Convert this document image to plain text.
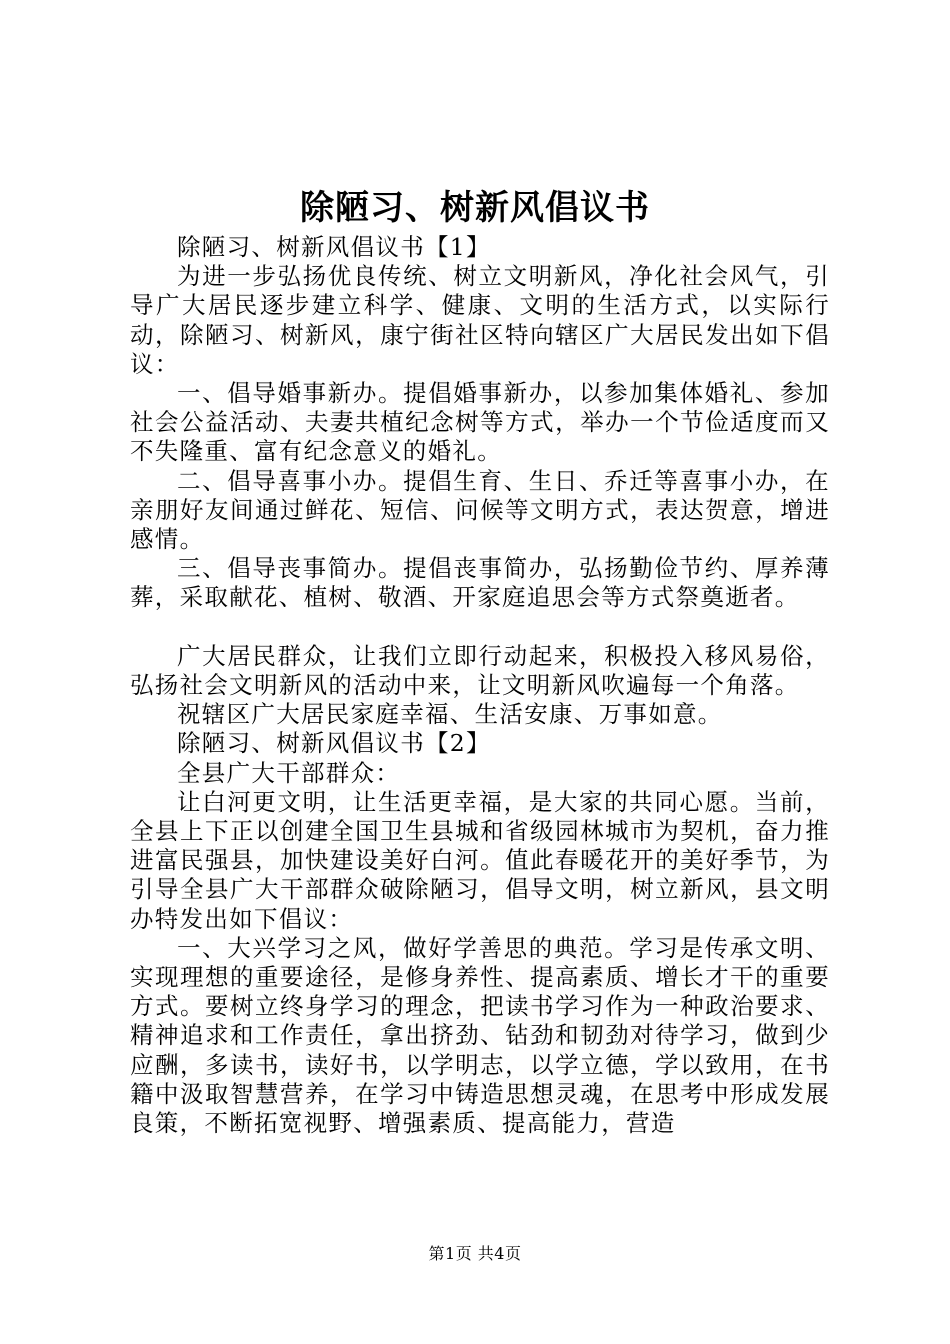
除陋习、树新风倡议书

除陋习、树新风倡议书【1】

为进一步弘扬优良传统、树立文明新风，净化社会风气，引导广大居民逐步建立科学、健康、文明的生活方式，以实际行动，除陋习、树新风，康宁街社区特向辖区广大居民发出如下倡议：

一、倡导婚事新办。提倡婚事新办，以参加集体婚礼、参加社会公益活动、夫妻共植纪念树等方式，举办一个节俭适度而又不失隆重、富有纪念意义的婚礼。

二、倡导喜事小办。提倡生育、生日、乔迁等喜事小办，在亲朋好友间通过鲜花、短信、问候等文明方式，表达贺意，增进感情。

三、倡导丧事简办。提倡丧事简办，弘扬勤俭节约、厚养薄葬，采取献花、植树、敬酒、开家庭追思会等方式祭奠逝者。

广大居民群众，让我们立即行动起来，积极投入移风易俗，弘扬社会文明新风的活动中来，让文明新风吹遍每一个角落。

祝辖区广大居民家庭幸福、生活安康、万事如意。

除陋习、树新风倡议书【2】

全县广大干部群众：

让白河更文明，让生活更幸福，是大家的共同心愿。当前，全县上下正以创建全国卫生县城和省级园林城市为契机，奋力推进富民强县，加快建设美好白河。值此春暖花开的美好季节，为引导全县广大干部群众破除陋习，倡导文明，树立新风，县文明办特发出如下倡议：

一、大兴学习之风，做好学善思的典范。学习是传承文明、实现理想的重要途径，是修身养性、提高素质、增长才干的重要方式。要树立终身学习的理念，把读书学习作为一种政治要求、精神追求和工作责任，拿出挤劲、钻劲和韧劲对待学习，做到少应酬，多读书，读好书，以学明志，以学立德，学以致用，在书籍中汲取智慧营养，在学习中铸造思想灵魂，在思考中形成发展良策，不断拓宽视野、增强素质、提高能力，营造

第1页 共4页
